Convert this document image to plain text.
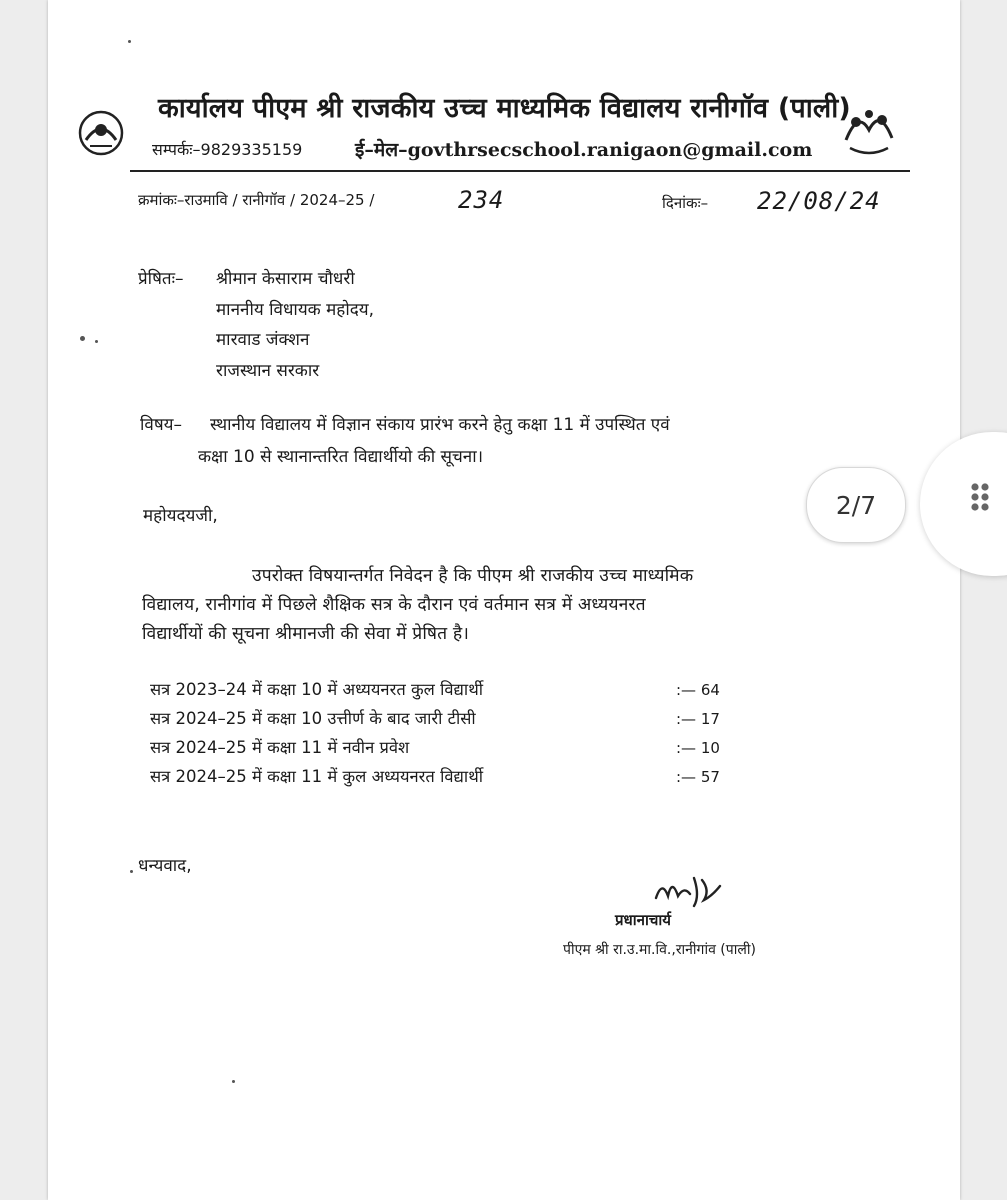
कार्यालय पीएम श्री राजकीय उच्च माध्यमिक विद्यालय रानीगॉव (पाली)
सम्पर्कः–9829335159	ई–मेल–govthrsecschool.ranigaon@gmail.com
क्रमांकः–राउमावि / रानीगॉव / 2024–25 /	234	दिनांकः– 22/08/24
प्रेषितः– श्रीमान केसाराम चौधरी
माननीय विधायक महोदय,
मारवाड जंक्शन
राजस्थान सरकार
विषय– स्थानीय विद्यालय में विज्ञान संकाय प्रारंभ करने हेतु कक्षा 11 में उपस्थित एवं
कक्षा 10 से स्थानान्तरित विद्यार्थीयो की सूचना।
महोयदयजी,
उपरोक्त विषयान्तर्गत निवेदन है कि पीएम श्री राजकीय उच्च माध्यमिक
विद्यालय, रानीगांव में पिछले शैक्षिक सत्र के दौरान एवं वर्तमान सत्र में अध्ययनरत
विद्यार्थीयों की सूचना श्रीमानजी की सेवा में प्रेषित है।
सत्र 2023–24 में कक्षा 10 में अध्ययनरत कुल विद्यार्थी	:— 64
सत्र 2024–25 में कक्षा 10 उत्तीर्ण के बाद जारी टीसी	:— 17
सत्र 2024–25 में कक्षा 11 में नवीन प्रवेश	:— 10
सत्र 2024–25 में कक्षा 11 में कुल अध्ययनरत विद्यार्थी	:— 57
धन्यवाद,
प्रधानाचार्य
पीएम श्री रा.उ.मा.वि.,रानीगांव (पाली)
2/7
